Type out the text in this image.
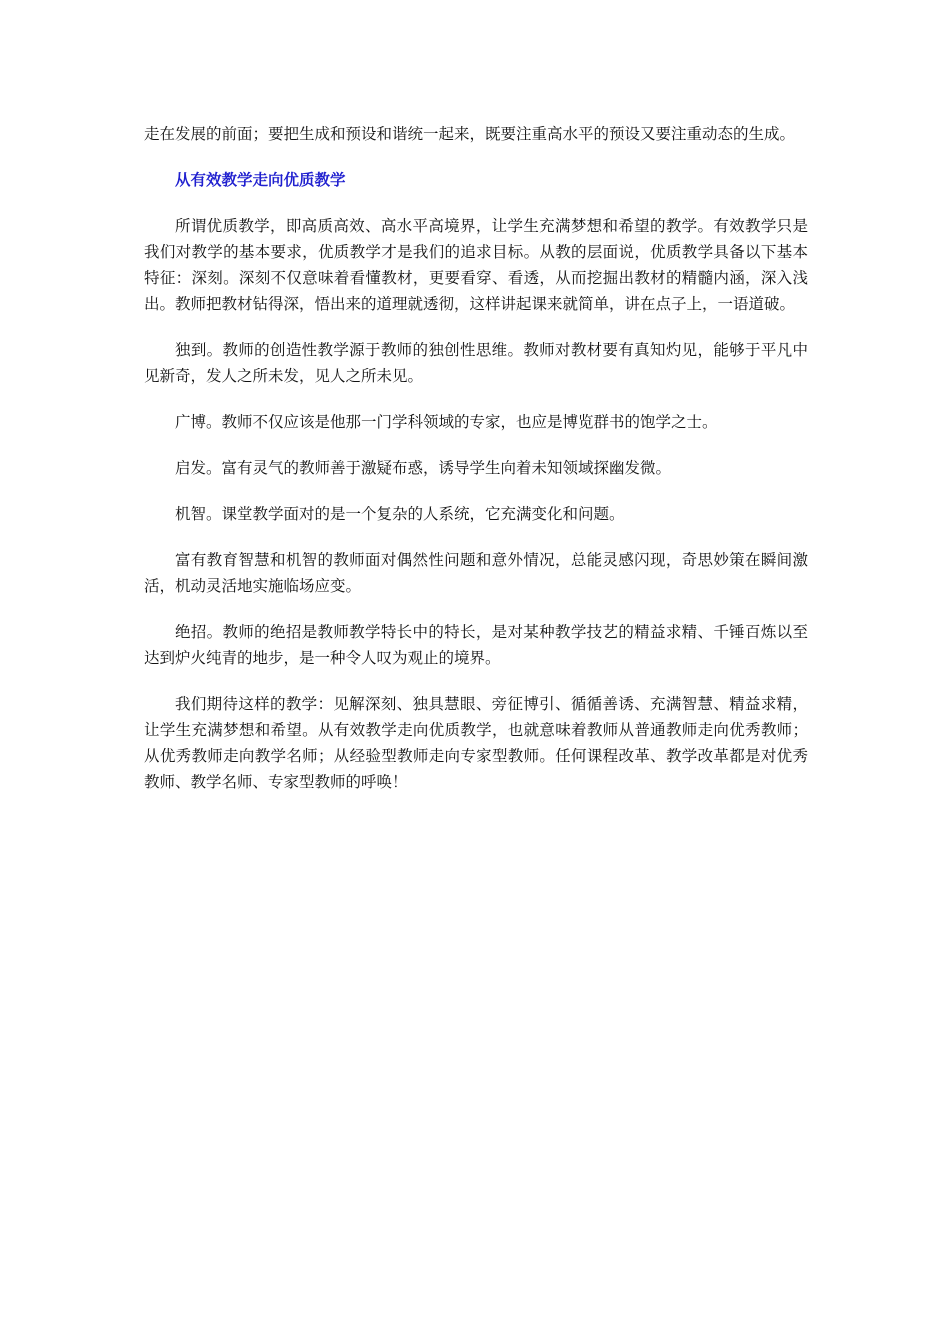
走在发展的前面；要把生成和预设和谐统一起来，既要注重高水平的预设又要注重动态的生成。

从有效教学走向优质教学

所谓优质教学，即高质高效、高水平高境界，让学生充满梦想和希望的教学。有效教学只是我们对教学的基本要求，优质教学才是我们的追求目标。从教的层面说，优质教学具备以下基本特征：深刻。深刻不仅意味着看懂教材，更要看穿、看透，从而挖掘出教材的精髓内涵，深入浅出。教师把教材钻得深，悟出来的道理就透彻，这样讲起课来就简单，讲在点子上，一语道破。

独到。教师的创造性教学源于教师的独创性思维。教师对教材要有真知灼见，能够于平凡中见新奇，发人之所未发，见人之所未见。

广博。教师不仅应该是他那一门学科领域的专家，也应是博览群书的饱学之士。

启发。富有灵气的教师善于激疑布惑，诱导学生向着未知领域探幽发微。

机智。课堂教学面对的是一个复杂的人系统，它充满变化和问题。

富有教育智慧和机智的教师面对偶然性问题和意外情况，总能灵感闪现，奇思妙策在瞬间激活，机动灵活地实施临场应变。

绝招。教师的绝招是教师教学特长中的特长，是对某种教学技艺的精益求精、千锤百炼以至达到炉火纯青的地步，是一种令人叹为观止的境界。

我们期待这样的教学：见解深刻、独具慧眼、旁征博引、循循善诱、充满智慧、精益求精，让学生充满梦想和希望。从有效教学走向优质教学，也就意味着教师从普通教师走向优秀教师；从优秀教师走向教学名师；从经验型教师走向专家型教师。任何课程改革、教学改革都是对优秀教师、教学名师、专家型教师的呼唤！
